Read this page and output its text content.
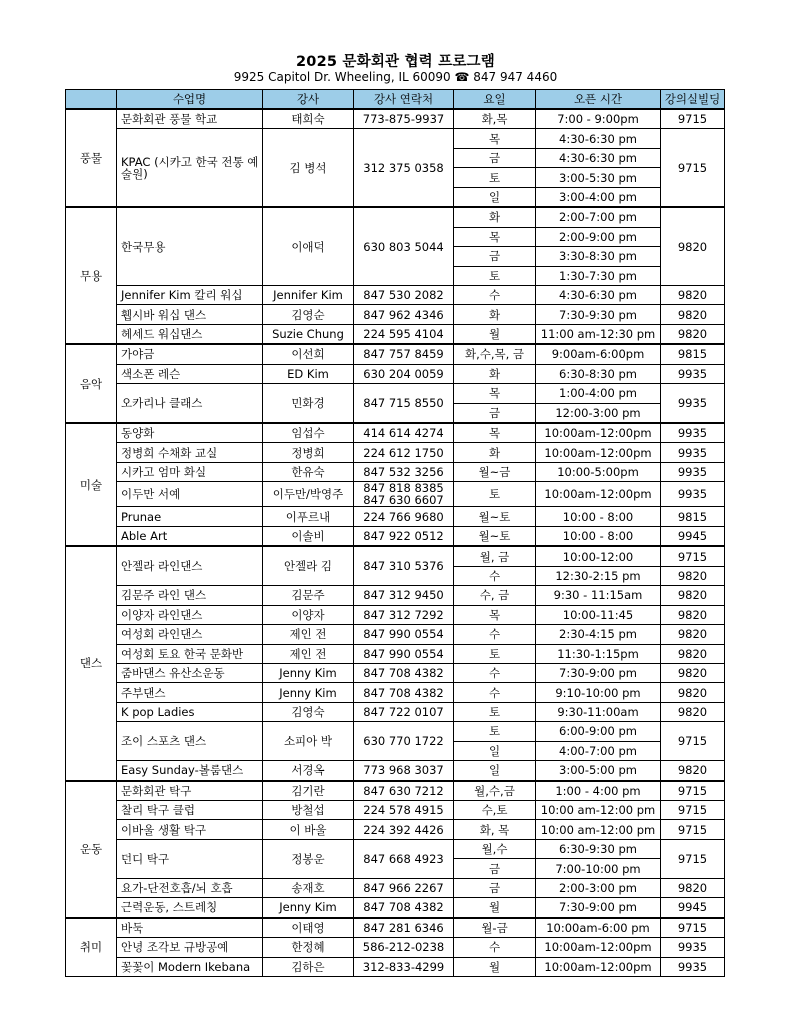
2025 문화회관 협력 프로그램
9925 Capitol Dr. Wheeling, IL 60090 ☎ 847 947 4460
	수업명	강사	강사 연락처	요일	오픈 시간	강의실빌딩
풍물	문화회관 풍물 학교	태희숙	773-875-9937	화,목	7:00 - 9:00pm	9715
	KPAC (시카고 한국 전통 예술원)	김 병석	312 375 0358	목	4:30-6:30 pm	9715
				금	4:30-6:30 pm	
				토	3:00-5:30 pm	
				일	3:00-4:00 pm	
무용	한국무용	이애덕	630 803 5044	화	2:00-7:00 pm	9820
				목	2:00-9:00 pm	
				금	3:30-8:30 pm	
				토	1:30-7:30 pm	
	Jennifer Kim 칼리 워십	Jennifer Kim	847 530 2082	수	4:30-6:30 pm	9820
	휍시바 워십 댄스	김영순	847 962 4346	화	7:30-9:30 pm	9820
	헤세드 워십댄스	Suzie Chung	224 595 4104	월	11:00 am-12:30 pm	9820
음악	가야금	이선희	847 757 8459	화,수,목, 금	9:00am-6:00pm	9815
	색소폰 레슨	ED Kim	630 204 0059	화	6:30-8:30 pm	9935
	오카리나 클래스	민화경	847 715 8550	목	1:00-4:00 pm	9935
				금	12:00-3:00 pm	
미술	동양화	임섭수	414 614 4274	목	10:00am-12:00pm	9935
	정병희 수채화 교실	정병희	224 612 1750	화	10:00am-12:00pm	9935
	시카고 엄마 화실	한유숙	847 532 3256	월~금	10:00-5:00pm	9935
	이두만 서예	이두만/박영주	847 818 8385
847 630 6607	토	10:00am-12:00pm	9935
	Prunae	이푸르내	224 766 9680	월~토	10:00 - 8:00	9815
	Able Art	이솔비	847 922 0512	월~토	10:00 - 8:00	9945
댄스	안젤라 라인댄스	안젤라 김	847 310 5376	월, 금	10:00-12:00	9715
				수	12:30-2:15 pm	9820
	김문주 라인 댄스	김문주	847 312 9450	수, 금	9:30 - 11:15am	9820
	이양자 라인댄스	이양자	847 312 7292	목	10:00-11:45	9820
	여성회 라인댄스	제인 전	847 990 0554	수	2:30-4:15 pm	9820
	여성회 토요 한국 문화반	제인 전	847 990 0554	토	11:30-1:15pm	9820
	줌바댄스 유산소운동	Jenny Kim	847 708 4382	수	7:30-9:00 pm	9820
	주부댄스	Jenny Kim	847 708 4382	수	9:10-10:00 pm	9820
	K pop Ladies	김영숙	847 722 0107	토	9:30-11:00am	9820
	조이 스포츠 댄스	소피아 박	630 770 1722	토	6:00-9:00 pm	9715
				일	4:00-7:00 pm	
	Easy Sunday-볼룸댄스	서경옥	773 968 3037	일	3:00-5:00 pm	9820
운동	문화회관 탁구	김기란	847 630 7212	월,수,금	1:00 - 4:00 pm	9715
	찰리 탁구 클럽	방철섭	224 578 4915	수,토	10:00 am-12:00 pm	9715
	이바울 생활 탁구	이 바울	224 392 4426	화, 목	10:00 am-12:00 pm	9715
	던디 탁구	정봉운	847 668 4923	월,수	6:30-9:30 pm	9715
				금	7:00-10:00 pm	
	요가-단전호흡/뇌 호흡	송재호	847 966 2267	금	2:00-3:00 pm	9820
	근력운동, 스트레칭	Jenny Kim	847 708 4382	월	7:30-9:00 pm	9945
취미	바둑	이태영	847 281 6346	월-금	10:00am-6:00 pm	9715
	안녕 조각보 규방공예	한정혜	586-212-0238	수	10:00am-12:00pm	9935
	꽃꽃이 Modern Ikebana	김하은	312-833-4299	월	10:00am-12:00pm	9935
